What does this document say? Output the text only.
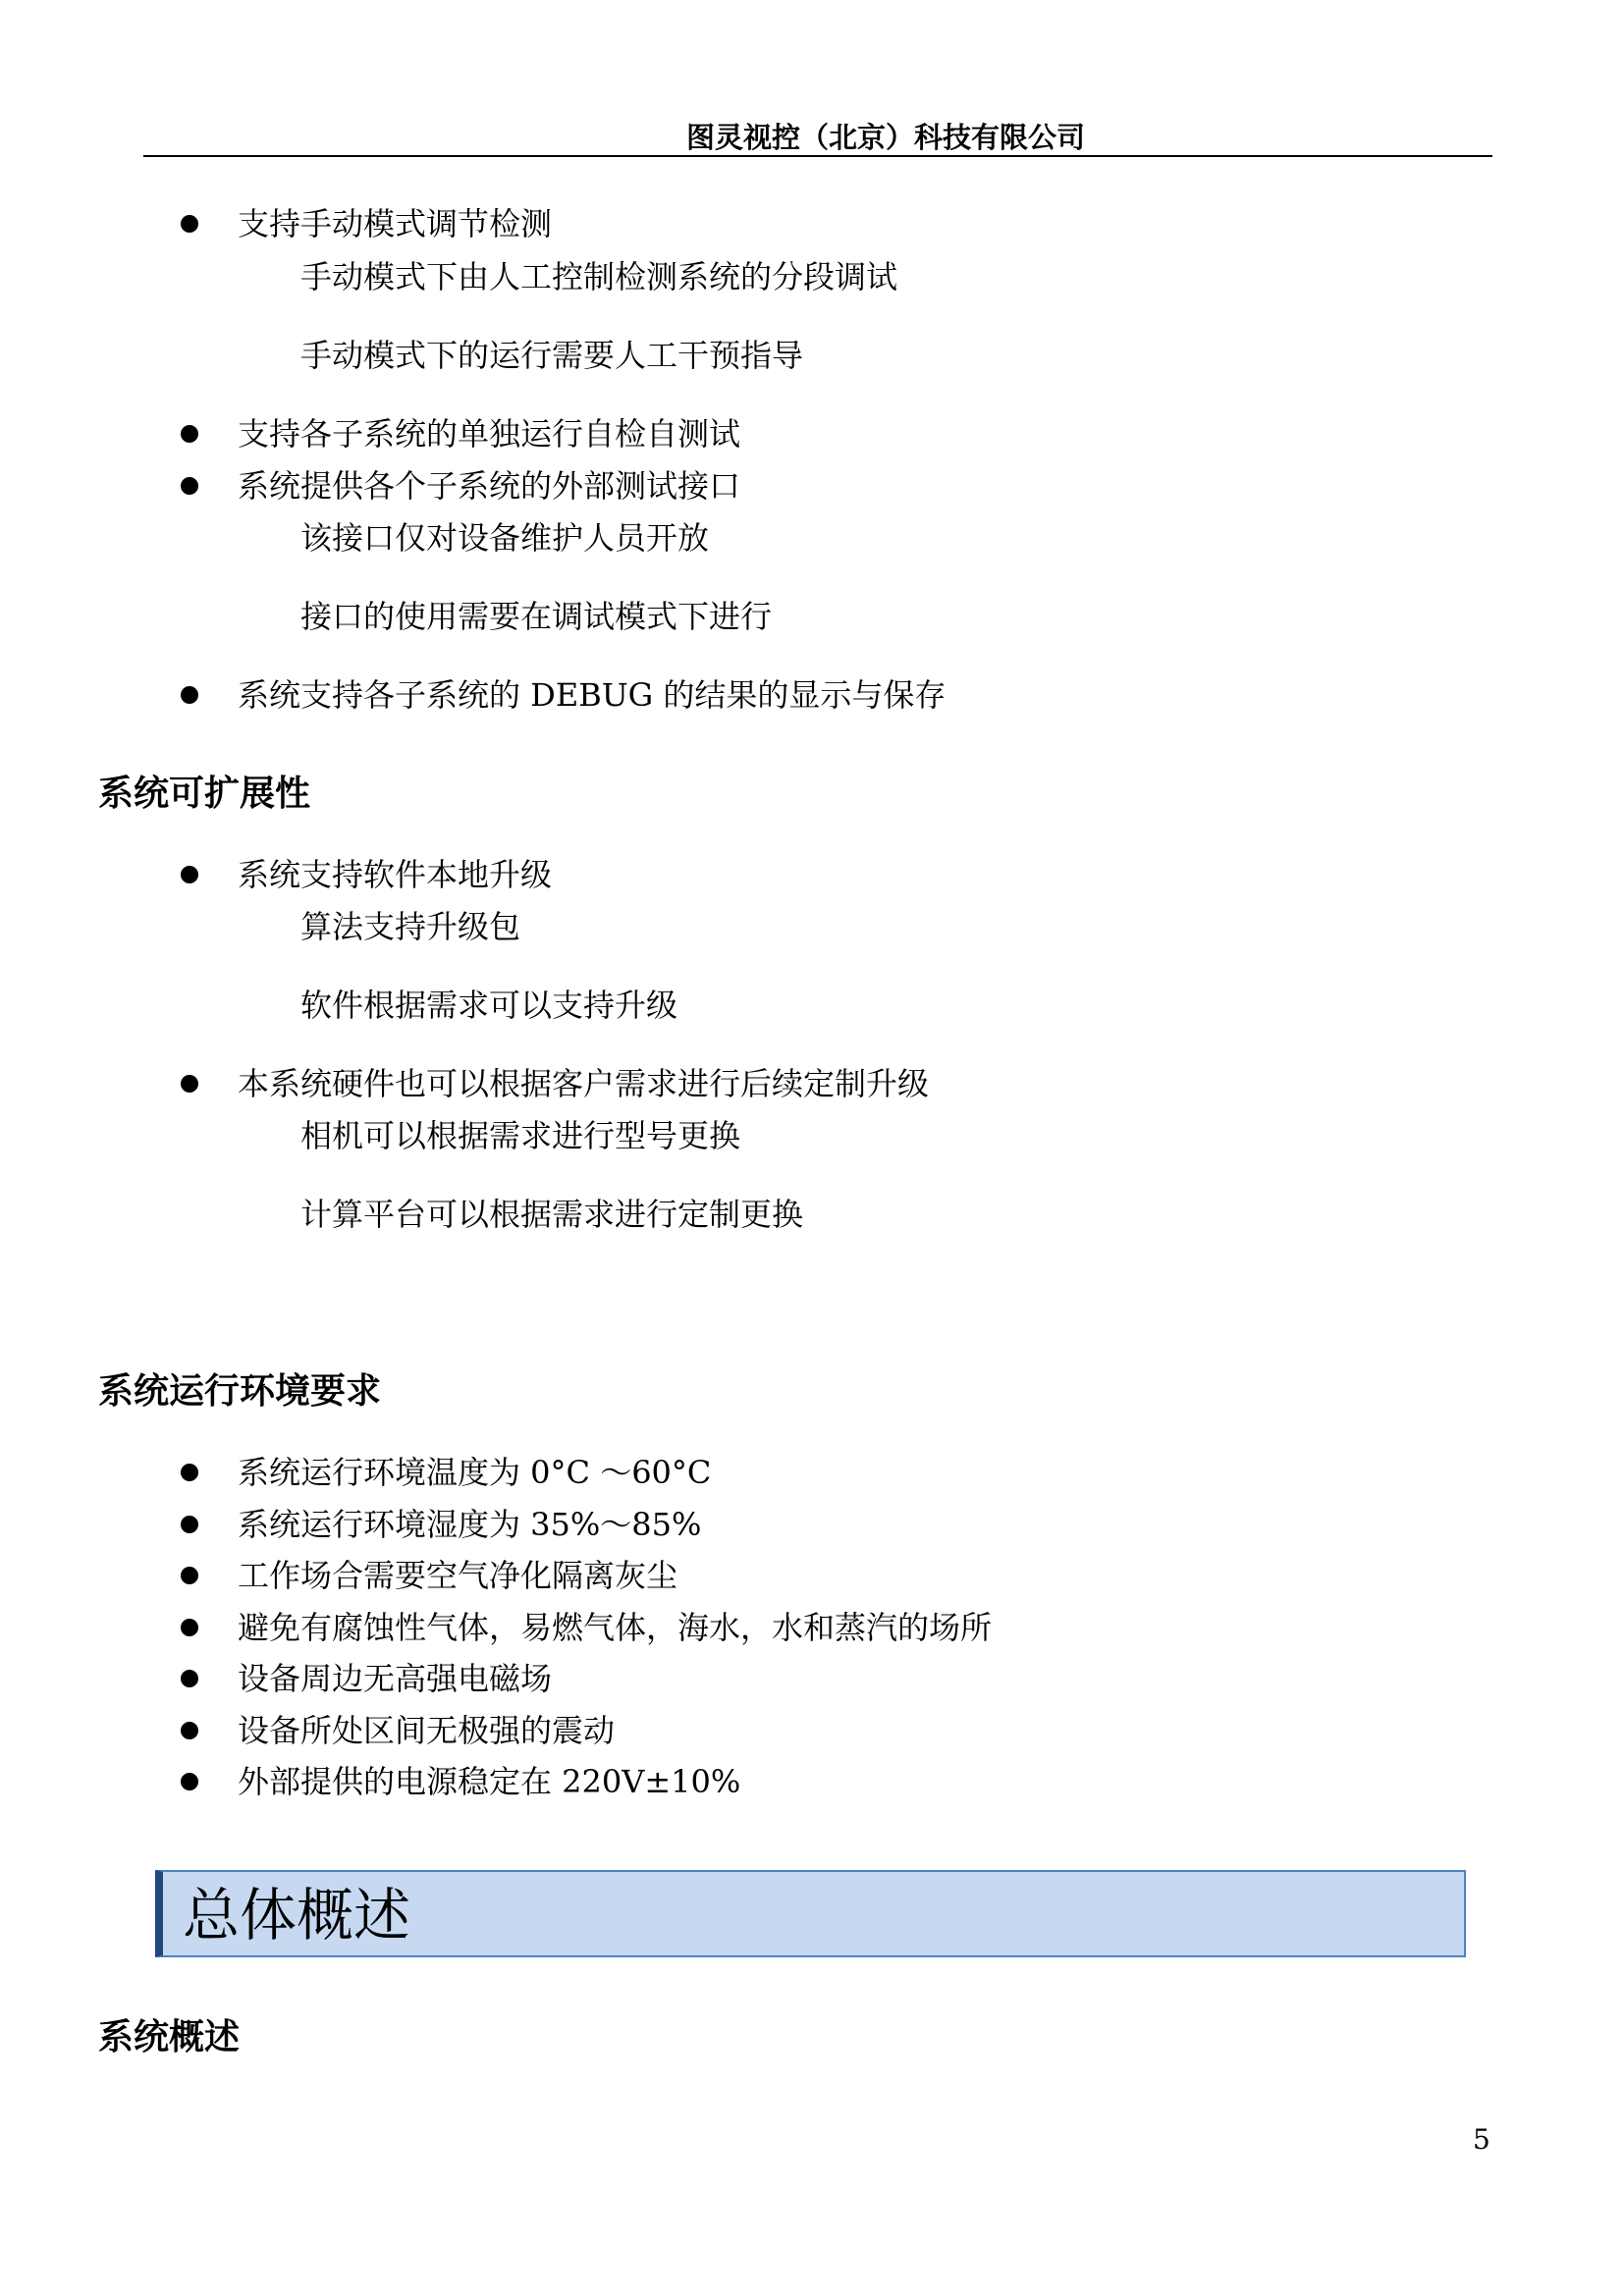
图灵视控（北京）科技有限公司
支持手动模式调节检测
手动模式下由人工控制检测系统的分段调试
手动模式下的运行需要人工干预指导
支持各子系统的单独运行自检自测试
系统提供各个子系统的外部测试接口
该接口仅对设备维护人员开放
接口的使用需要在调试模式下进行
系统支持各子系统的 DEBUG 的结果的显示与保存
系统可扩展性
系统支持软件本地升级
算法支持升级包
软件根据需求可以支持升级
本系统硬件也可以根据客户需求进行后续定制升级
相机可以根据需求进行型号更换
计算平台可以根据需求进行定制更换
系统运行环境要求
系统运行环境温度为 0°C ～60°C
系统运行环境湿度为 35%～85%
工作场合需要空气净化隔离灰尘
避免有腐蚀性气体，易燃气体，海水，水和蒸汽的场所
设备周边无高强电磁场
设备所处区间无极强的震动
外部提供的电源稳定在 220V±10%
总体概述
系统概述
5
